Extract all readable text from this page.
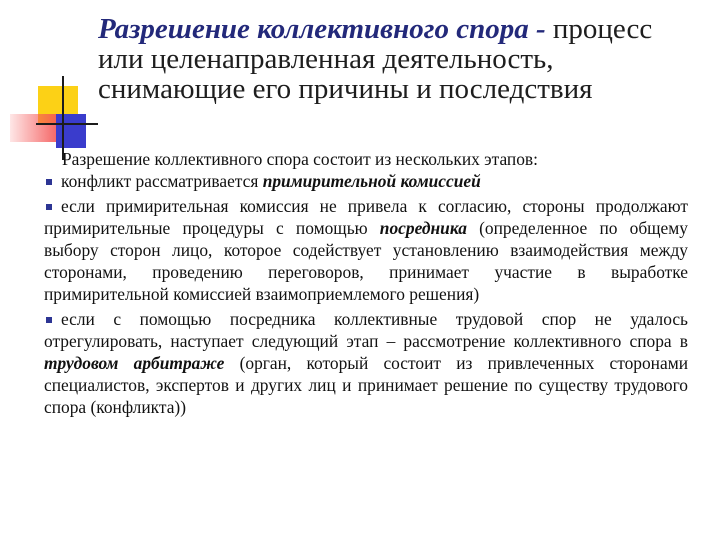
Разрешение коллективного спора - процесс или целенаправленная деятельность, снимающие его причины и последствия

Разрешение коллективного спора состоит из нескольких этапов:

конфликт рассматривается примирительной комиссией

если примирительная комиссия не привела к согласию, стороны продолжают примирительные процедуры с помощью посредника (определенное по общему выбору сторон лицо, которое содействует установлению взаимодействия между сторонами, проведению переговоров, принимает участие в выработке примирительной комиссией взаимоприемлемого решения)

если с помощью посредника коллективные трудовой спор не удалось отрегулировать, наступает следующий этап – рассмотрение коллективного спора в трудовом арбитраже (орган, который состоит из привлеченных сторонами специалистов, экспертов и других лиц и принимает решение по существу трудового спора (конфликта))
